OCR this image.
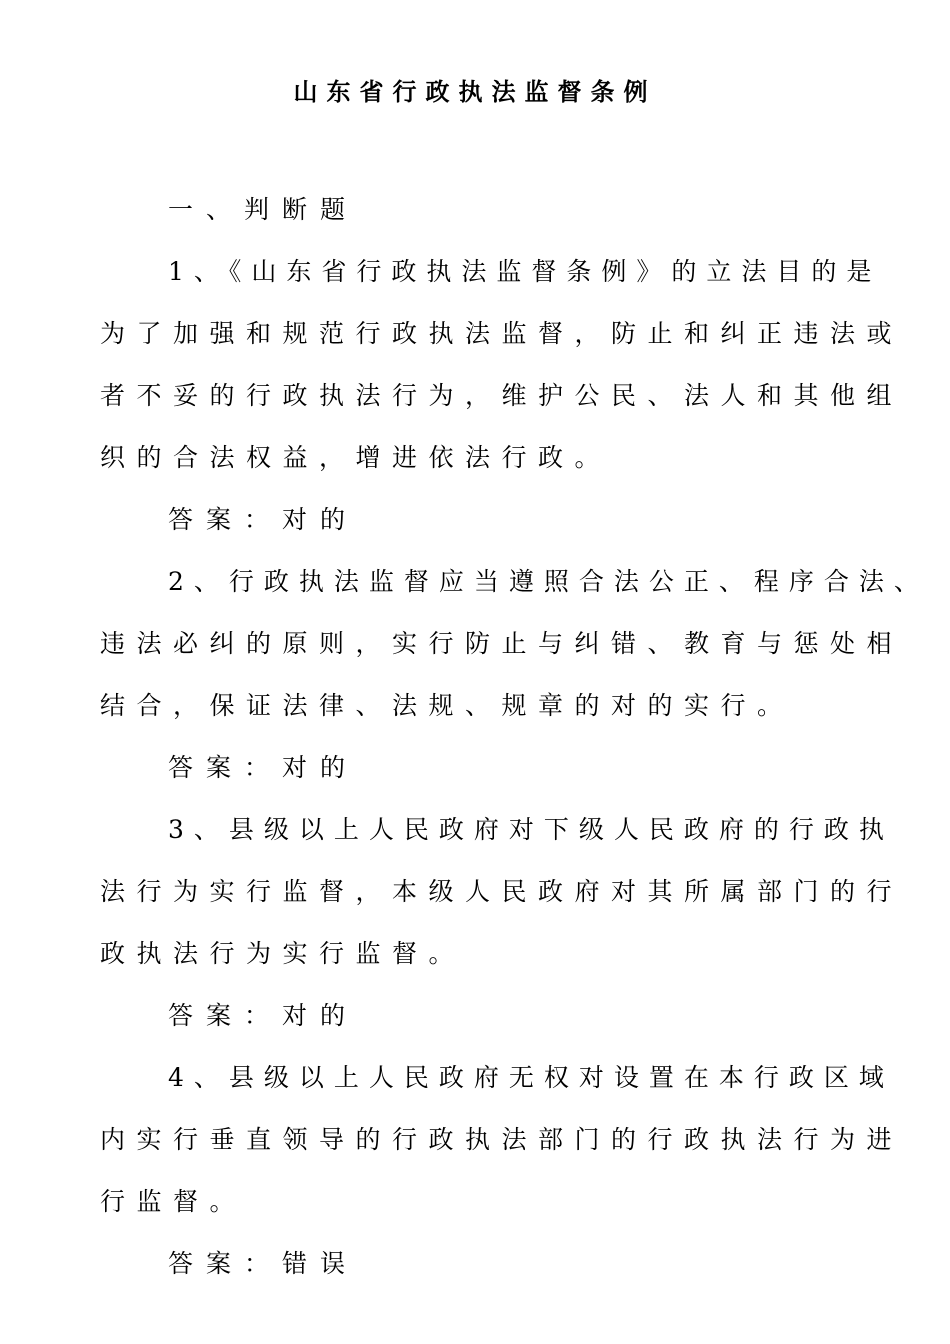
山东省行政执法监督条例
一、判断题
1、《山东省行政执法监督条例》的立法目的是
为了加强和规范行政执法监督，防止和纠正违法或
者不妥的行政执法行为，维护公民、法人和其他组
织的合法权益，增进依法行政。
答案：对的
2、行政执法监督应当遵照合法公正、程序合法、
违法必纠的原则，实行防止与纠错、教育与惩处相
结合，保证法律、法规、规章的对的实行。
答案：对的
3、县级以上人民政府对下级人民政府的行政执
法行为实行监督，本级人民政府对其所属部门的行
政执法行为实行监督。
答案：对的
4、县级以上人民政府无权对设置在本行政区域
内实行垂直领导的行政执法部门的行政执法行为进
行监督。
答案：错误
